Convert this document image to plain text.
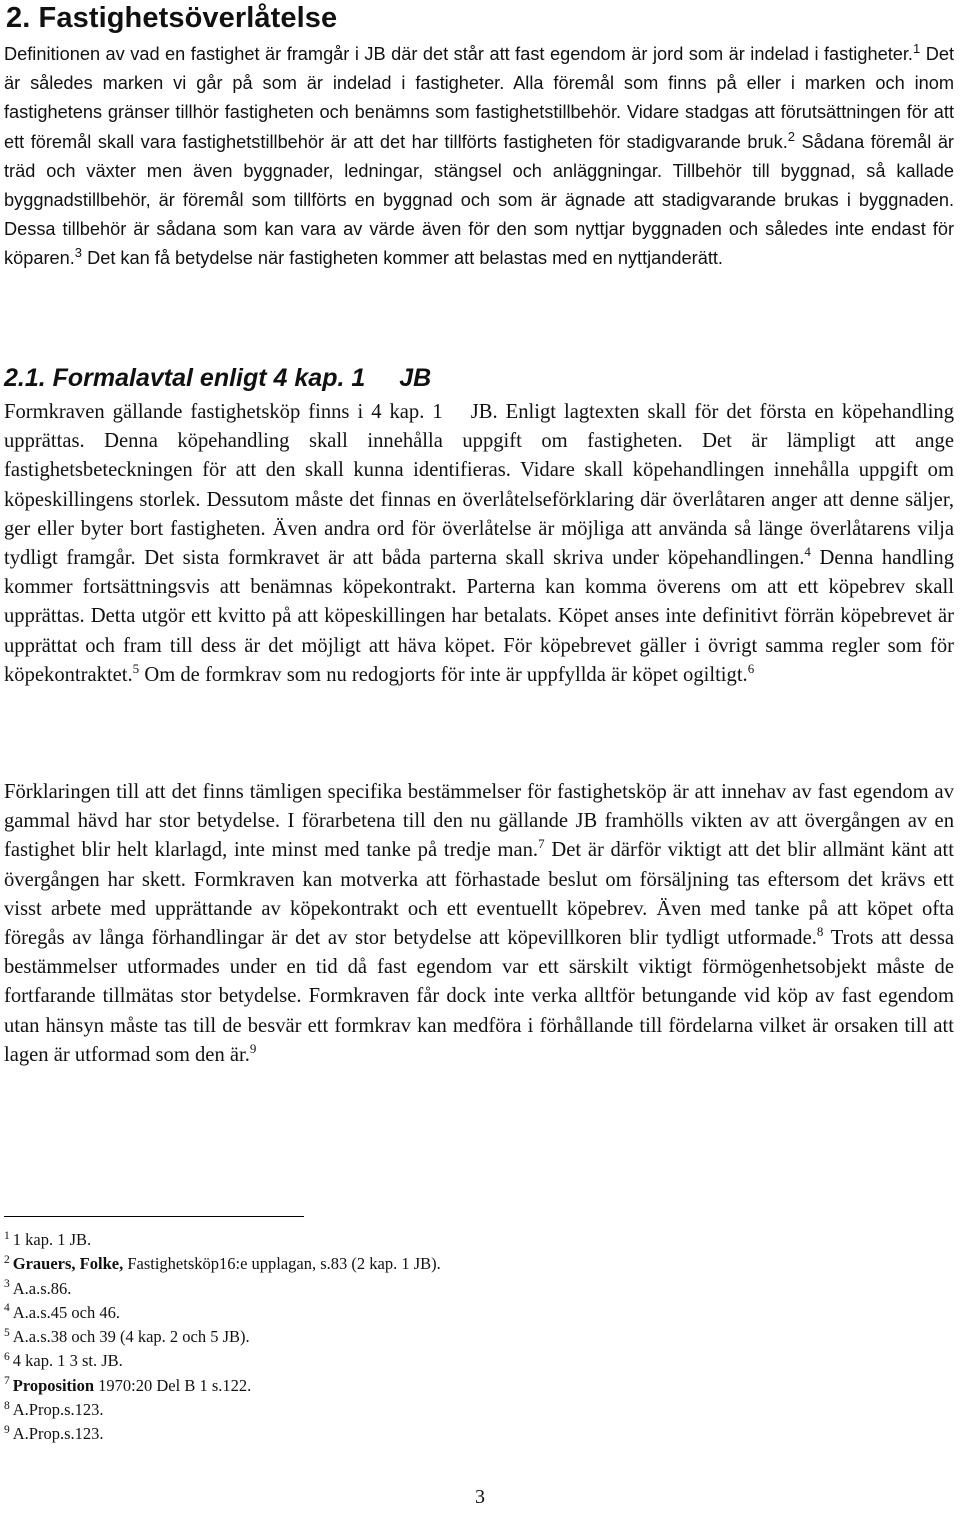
2. Fastighetsöverlåtelse

Definitionen av vad en fastighet är framgår i JB där det står att fast egendom är jord som är indelad i fastigheter.$^1$ Det är således marken vi går på som är indelad i fastigheter. Alla föremål som finns på eller i marken och inom fastighetens gränser tillhör fastigheten och benämns som fastighetstillbehör. Vidare stadgas att förutsättningen för att ett föremål skall vara fastighetstillbehör är att det har tillförts fastigheten för stadigvarande bruk.$^2$ Sådana föremål är träd och växter men även byggnader, ledningar, stängsel och anläggningar. Tillbehör till byggnad, så kallade byggnadstillbehör, är föremål som tillförts en byggnad och som är ägnade att stadigvarande brukas i byggnaden. Dessa tillbehör är sådana som kan vara av värde även för den som nyttjar byggnaden och således inte endast för köparen.$^3$ Det kan få betydelse när fastigheten kommer att belastas med en nyttjanderätt.

2.1. Formalavtal enligt 4 kap. 1 JB

Formkraven gällande fastighetsköp finns i 4 kap. 1 JB. Enligt lagtexten skall för det första en köpehandling upprättas. Denna köpehandling skall innehålla uppgift om fastigheten. Det är lämpligt att ange fastighetsbeteckningen för att den skall kunna identifieras. Vidare skall köpehandlingen innehålla uppgift om köpeskillingens storlek. Dessutom måste det finnas en överlåtelseförklaring där överlåtaren anger att denne säljer, ger eller byter bort fastigheten. Även andra ord för överlåtelse är möjliga att använda så länge överlåtarens vilja tydligt framgår. Det sista formkravet är att båda parterna skall skriva under köpehandlingen.$^4$ Denna handling kommer fortsättningsvis att benämnas köpekontrakt. Parterna kan komma överens om att ett köpebrev skall upprättas. Detta utgör ett kvitto på att köpeskillingen har betalats. Köpet anses inte definitivt förrän köpebrevet är upprättat och fram till dess är det möjligt att häva köpet. För köpebrevet gäller i övrigt samma regler som för köpekontraktet.$^5$ Om de formkrav som nu redogjorts för inte är uppfyllda är köpet ogiltigt.$^6$

Förklaringen till att det finns tämligen specifika bestämmelser för fastighetsköp är att innehav av fast egendom av gammal hävd har stor betydelse. I förarbetena till den nu gällande JB framhölls vikten av att övergången av en fastighet blir helt klarlagd, inte minst med tanke på tredje man.$^7$ Det är därför viktigt att det blir allmänt känt att övergången har skett. Formkraven kan motverka att förhastade beslut om försäljning tas eftersom det krävs ett visst arbete med upprättande av köpekontrakt och ett eventuellt köpebrev. Även med tanke på att köpet ofta föregås av långa förhandlingar är det av stor betydelse att köpevillkoren blir tydligt utformade.$^8$ Trots att dessa bestämmelser utformades under en tid då fast egendom var ett särskilt viktigt förmögenhetsobjekt måste de fortfarande tillmätas stor betydelse. Formkraven får dock inte verka alltför betungande vid köp av fast egendom utan hänsyn måste tas till de besvär ett formkrav kan medföra i förhållande till fördelarna vilket är orsaken till att lagen är utformad som den är.$^9$

$^1$ 1 kap. 1 JB.

$^2$ Grauers, Folke, Fastighetsköp16:e upplagan, s.83 (2 kap. 1 JB).

$^3$ A.a.s.86.

$^4$ A.a.s.45 och 46.

$^5$ A.a.s.38 och 39 (4 kap. 2 och 5 JB).

$^6$ 4 kap. 1 3 st. JB.

$^7$ Proposition 1970:20 Del B 1 s.122.

$^8$ A.Prop.s.123.

$^9$ A.Prop.s.123.

3
